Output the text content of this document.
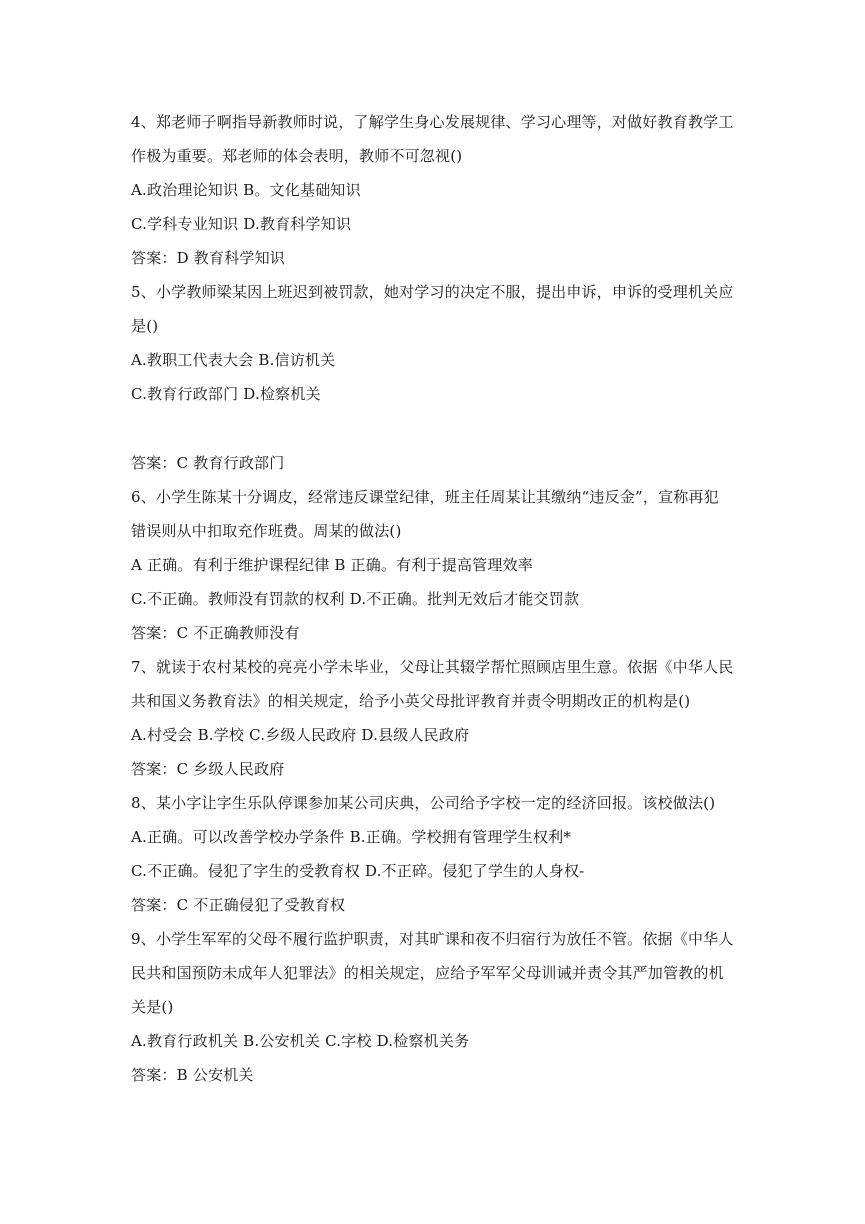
4、郑老师子啊指导新教师时说，了解学生身心发展规律、学习心理等，对做好教育教学工
作极为重要。郑老师的体会表明，教师不可忽视()
A.政治理论知识 B。文化基础知识
C.学科专业知识 D.教育科学知识
答案：D 教育科学知识
5、小学教师梁某因上班迟到被罚款，她对学习的决定不服，提出申诉，申诉的受理机关应
是()
A.教职工代表大会 B.信访机关
C.教育行政部门 D.检察机关
答案：C 教育行政部门
6、小学生陈某十分调皮，经常违反课堂纪律，班主任周某让其缴纳“违反金”，宣称再犯
错误则从中扣取充作班费。周某的做法()
A 正确。有利于维护课程纪律 B 正确。有利于提高管理效率
C.不正确。教师没有罚款的权利 D.不正确。批判无效后才能交罚款
答案：C 不正确教师没有
7、就读于农村某校的亮亮小学未毕业，父母让其辍学帮忙照顾店里生意。依据《中华人民
共和国义务教育法》的相关规定，给予小英父母批评教育并责令明期改正的机构是()
A.村受会 B.学校 C.乡级人民政府 D.县级人民政府
答案：C 乡级人民政府
8、某小字让字生乐队停课参加某公司庆典，公司给予字校一定的经济回报。该校做法()
A.正确。可以改善学校办学条件 B.正确。学校拥有管理学生权利*
C.不正确。侵犯了字生的受教育权 D.不正碎。侵犯了学生的人身权-
答案：C 不正确侵犯了受教育权
9、小学生军军的父母不履行监护职责，对其旷课和夜不归宿行为放任不管。依据《中华人
民共和国预防未成年人犯罪法》的相关规定，应给予军军父母训诫并责令其严加管教的机
关是()
A.教育行政机关 B.公安机关 C.字校 D.检察机关务
答案：B 公安机关
